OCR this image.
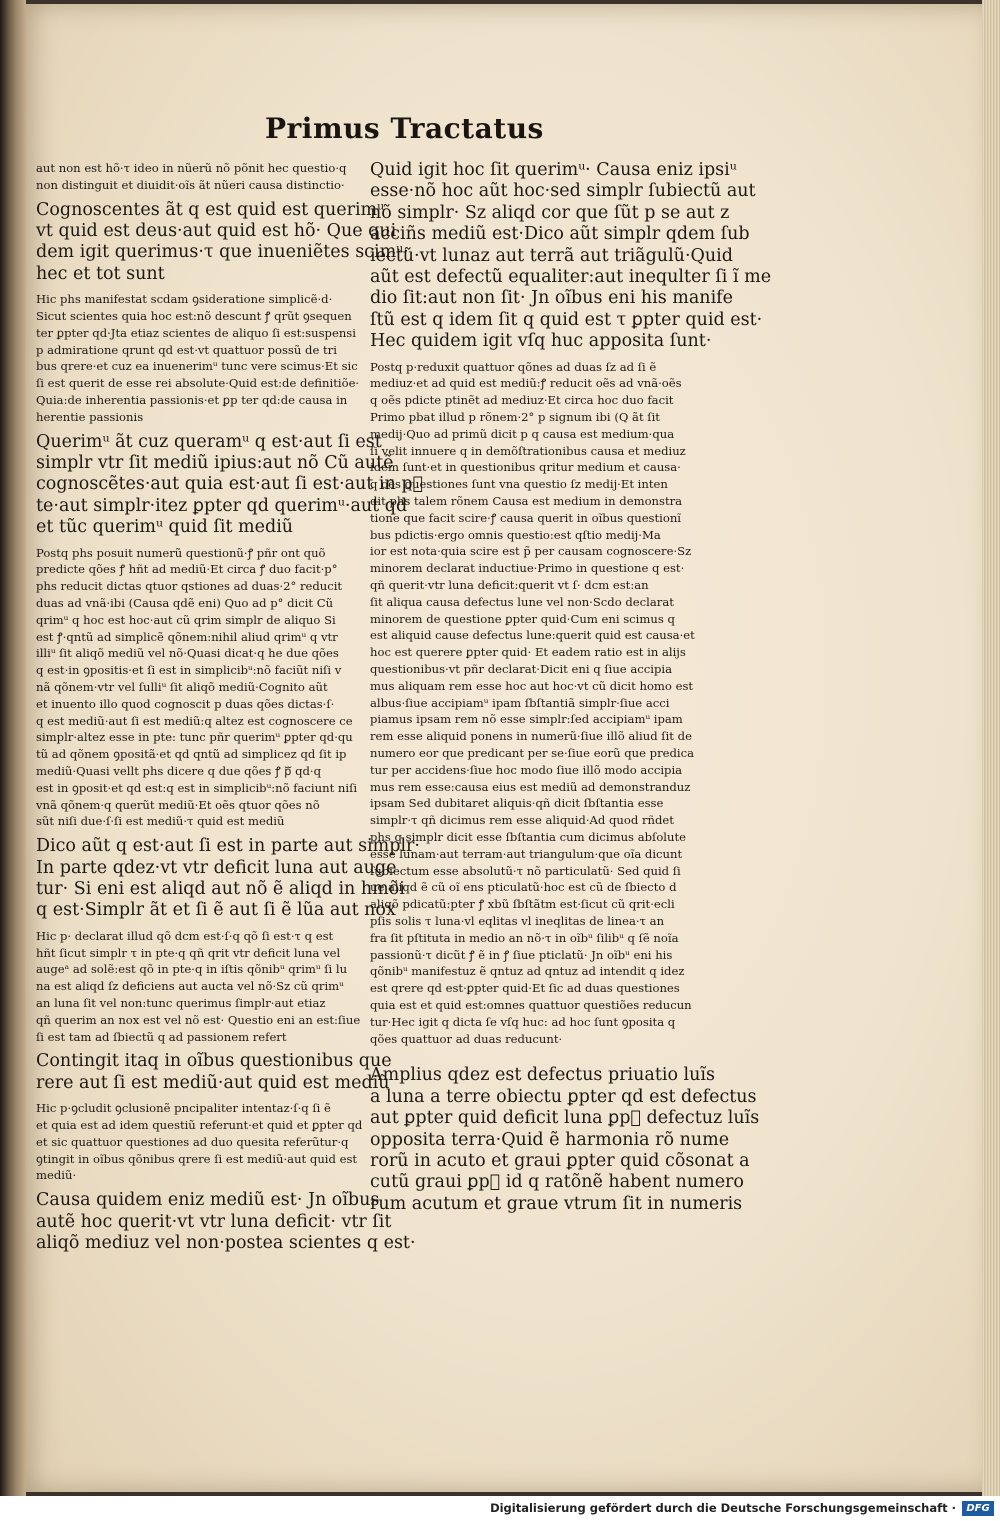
Primus Tractatus
aut non est hõ·τ ideo in nũerũ nõ põnit hec questio·q
non distinguit et diuidit·oĩs ãt nũeri causa distinctio·
Cognoscentes ãt q est quid est querimᵘ
vt quid est deus·aut quid est hõ· Que qui
dem igit querimus·τ que inueniẽtes scimᵘ·
hec et tot sunt
Hic phs manifestat scdam ꝯsideratione simplicẽ·d·
Sicut scientes quia hoc est:nõ descunt ꝭ qrũt ꝯsequen
ter ꝑpter qd·Jta etiaz scientes de aliquo ſi est:suspensi
p admiratione qrunt qd est·vt quattuor possũ de tri
bus qrere·et cuz ea inuenerimᵘ tunc vere scimus·Et sic
ſi est querit de esse rei absolute·Quid est:de definitiõe·
Quia:de inherentia passionis·et ꝑp ter qd:de causa in
herentie passionis
Querimᵘ ãt cuz queramᵘ q est·aut ſi est
simplr vtr ſit mediũ ipius:aut nõ Cũ autẽ
cognoscẽtes·aut quia est·aut ſi est·aut in pᷓ
te·aut simplr·itez ꝑpter qd querimᵘ·aut qd
et tũc querimᵘ quid ſit mediũ
Postq phs posuit numerũ questionũ·ꝭ pñr ont quõ
predicte qões ꝭ hñt ad mediũ·Et circa ꝭ duo facit·p°
phs reducit dictas qtuor qstiones ad duas·2° reducit
duas ad vnã·ibi (Causa qdẽ eni) Quo ad p° dicit Cũ
qrimᵘ q hoc est hoc·aut cũ qrim simplr de aliquo Si
est ꝭ·qntũ ad simplicẽ qõnem:nihil aliud qrimᵘ q vtr
illiᵘ ſit aliqõ mediũ vel nõ·Quasi dicat·q he due qões
q est·in ꝯpositis·et ſi est in simplicibᵘ:nõ faciũt niſi v
nã qõnem·vtr vel ſulliᵘ ſit aliqõ mediũ·Cognito aũt
et inuento illo quod cognoscit p duas qões dictas·ſ·
q est mediũ·aut ſi est mediũ:q altez est cognoscere ce
simplr·altez esse in pte: tunc pñr querimᵘ ꝑpter qd·qu
tũ ad qõnem ꝯpositã·et qd qntũ ad simplicez qd ſit ip
mediũ·Quasi vellt phs dicere q due qões ꝭ pᷓ qd·q
est in ꝯposit·et qd est:q est in simplicibᵘ:nõ faciunt niſi
vnã qõnem·q querũt mediũ·Et oẽs qtuor qões nõ
sũt niſi due·ſ·ſi est mediũ·τ quid est mediũ
Dico aũt q est·aut ſi est in parte aut simplr·
In parte qdez·vt vtr deficit luna aut auge
tur· Si eni est aliqd aut nõ ẽ aliqd in hmõi
q est·Simplr ãt et ſi ẽ aut ſi ẽ lũa aut nox
Hic p· declarat illud qõ dcm est·ſ·q qõ ſi est·τ q est
hñt ſicut simplr τ in pte·q qñ qrit vtr deficit luna vel
augeᵃ ad solẽ:est qõ in pte·q in iſtis qõnibᵘ qrimᵘ ſi lu
na est aliqd ſz deficiens aut aucta vel nõ·Sz cũ qrimᵘ
an luna ſit vel non:tunc querimus ſimplr·aut etiaz
qñ querim an nox est vel nõ est· Questio eni an est:ſiue
ſi est tam ad ſbiectũ q ad passionem refert
Contingit itaq in oĩbus questionibus que
rere aut ſi est mediũ·aut quid est mediũ
Hic p·ꝯcludit ꝯclusionẽ pncipaliter intentaz·ſ·q ſi ẽ
et quia est ad idem questiũ referunt·et quid et ꝑpter qd
et sic quattuor questiones ad duo quesita referũtur·q
ꝯtingit in oĩbus qõnibus qrere ſi est mediũ·aut quid est
mediũ·
Causa quidem eniz mediũ est· Jn oĩbus
autẽ hoc querit·vt vtr luna deficit· vtr ſit
aliqõ mediuz vel non·postea scientes q est·
Quid igit hoc ſit querimᵘ· Causa eniz ipsiᵘ
esse·nõ hoc aũt hoc·sed simplr ſubiectũ aut
nõ simplr· Sz aliqd cor que ſũt p se aut z
acciñs mediũ est·Dico aũt simplr qdem ſub
iectũ·vt lunaz aut terrã aut triãgulũ·Quid
aũt est defectũ equaliter:aut inequlter ſi ĩ me
dio ſit:aut non ſit· Jn oĩbus eni his manife
ſtũ est q idem ſit q quid est τ ꝑpter quid est·
Hec quidem igit vſq huc apposita ſunt·
Postq p·reduxit quattuor qõnes ad duas ſz ad ſi ẽ
mediuz·et ad quid est mediũ:ꝭ reducit oẽs ad vnã·oẽs
q oẽs pdicte ptinẽt ad mediuz·Et circa hoc duo facit
Primo pbat illud p rõnem·2° p signum ibi (Q ãt ſit
medij·Quo ad primũ dicit p q causa est medium·qua
ſi velit innuere q in demõſtrationibus causa et mediuz
idem ſunt·et in questionibus qritur medium et causa·
q oẽs questiones ſunt vna questio ſz medij·Et inten
dit phs talem rõnem Causa est medium in demonstra
tione que facit scire·ꝭ causa querit in oĩbus questionĩ
bus pdictis·ergo omnis questio:est qſtio medij·Ma
ior est nota·quia scire est p̃ per causam cognoscere·Sz
minorem declarat inductiue·Primo in questione q est·
qñ querit·vtr luna deficit:querit vt ſ· dcm est:an
ſit aliqua causa defectus lune vel non·Scdo declarat
minorem de questione ꝑpter quid·Cum eni scimus q
est aliquid cause defectus lune:querit quid est causa·et
hoc est querere ꝑpter quid· Et eadem ratio est in alijs
questionibus·vt pñr declarat·Dicit eni q ſiue accipia
mus aliquam rem esse hoc aut hoc·vt cũ dicit homo est
albus·ſiue accipiamᵘ ipam ſbſtantiã simplr·ſiue acci
piamus ipsam rem nõ esse simplr:ſed accipiamᵘ ipam
rem esse aliquid ponens in numerũ·ſiue illõ aliud ſit de
numero eor que predicant per se·ſiue eorũ que predica
tur per accidens·ſiue hoc modo ſiue illõ modo accipia
mus rem esse:causa eius est mediũ ad demonstranduz
ipsam Sed dubitaret aliquis·qñ dicit ſbſtantia esse
simplr·τ qñ dicimus rem esse aliquid·Ad quod rñdet
phs q simplr dicit esse ſbſtantia cum dicimus abſolute
esse lunam·aut terram·aut triangulum·que oĩa dicunt
ſubiectum esse absolutũ·τ nõ particulatũ· Sed quid ſi
ue aliqd ẽ cũ oĩ ens pticulatũ·hoc est cũ de ſbiecto d
aliqõ pdicatũ:pter ꝭ xbũ ſbſtãtm est·ſicut cũ qrit·ecli
pſis solis τ luna·vl eqlitas vl ineqlitas de linea·τ an
fra ſit pſtituta in medio an nõ·τ in oĩbᵘ ſilibᵘ q ſẽ noĩa
passionũ·τ dicũt ꝭ ẽ in ꝭ ſiue pticlatũ· Jn oĩbᵘ eni his
qõnibᵘ manifestuz ẽ qntuz ad qntuz ad intendit q idez
est qrere qd est·ꝑpter quid·Et ſic ad duas questiones
quia est et quid est:omnes quattuor questiões reducun
tur·Hec igit q dicta ſe vſq huc: ad hoc ſunt ꝯposita q
qões quattuor ad duas reducunt·
Amplius qdez est defectus priuatio luĩs
a luna a terre obiectu ꝑpter qd est defectus
aut ꝑpter quid deficit luna ꝑpᷓ defectuz luĩs
opposita terra·Quid ẽ harmonia rõ nume
rorũ in acuto et graui ꝑpter quid cõsonat a
cutũ graui ꝑpᷓ id q ratõnẽ habent numero
rum acutum et graue vtrum ſit in numeris
Digitalisierung gefördert durch die Deutsche Forschungsgemeinschaft ·	DFG
